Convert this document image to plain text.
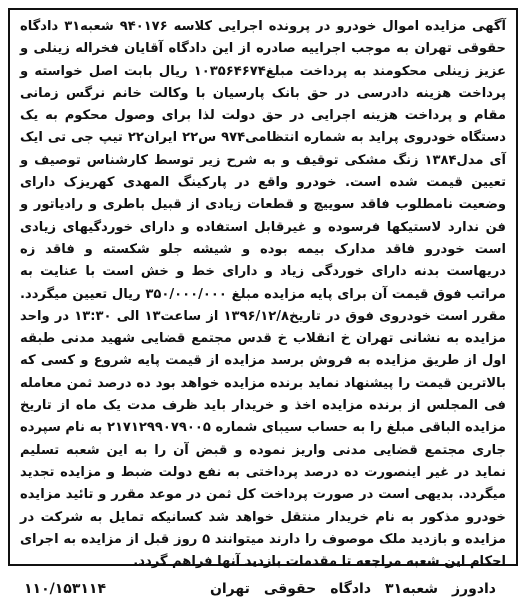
آگهی مزایده اموال خودرو در پرونده اجرایی کلاسه ۹۴۰۱۷۶ شعبه۳۱ دادگاه حقوقی تهران به موجب اجراییه صادره از این دادگاه آقایان فخراله زینلی و عزیز زینلی محکومند به پرداخت مبلغ۱۰۳۵۶۴۶۷۴ ریال بابت اصل خواسته و پرداخت هزینه دادرسی در حق بانک پارسیان با وکالت خانم نرگس زمانی مقام و پرداخت هزینه اجرایی در حق دولت لذا برای وصول محکوم به یک دستگاه خودروی پراید به شماره انتظامی۹۷۴ س۲۲ ایران۲۲ تیپ جی تی ایک آی مدل۱۳۸۴ زنگ مشکی توقیف و به شرح زیر توسط کارشناس توصیف و تعیین قیمت شده است. خودرو واقع در پارکینگ المهدی کهریزک دارای وضعیت نامطلوب فاقد سوییچ و قطعات زیادی از قبیل باطری و رادیاتور و فن ندارد لاستیکها فرسوده و غیرقابل استفاده و دارای خوردگیهای زیادی است خودرو فاقد مدارک بیمه بوده و شیشه جلو شکسته و فاقد زه دریهاست بدنه دارای خوردگی زیاد و دارای خط و خش است با عنایت به مراتب فوق قیمت آن برای پایه مزایده مبلغ ۳۵۰/۰۰۰/۰۰۰ ریال تعیین میگردد. مقرر است خودروی فوق در تاریخ۱۳۹۶/۱۲/۸ از ساعت۱۳ الی ۱۳:۳۰ در واحد مزایده به نشانی تهران خ انقلاب خ قدس مجتمع قضایی شهید مدنی طبقه اول از طریق مزایده به فروش برسد مزایده از قیمت پایه شروع و کسی که بالاترین قیمت را پیشنهاد نماید برنده مزایده خواهد بود ده درصد ثمن معامله فی المجلس از برنده مزایده اخذ و خریدار باید ظرف مدت یک ماه از تاریخ مزایده الباقی مبلغ را به حساب سیبای شماره ۲۱۷۱۲۹۹۰۷۹۰۰۵ به نام سپرده جاری مجتمع قضایی مدنی واریز نموده و قبض آن را به این شعبه تسلیم نماید در غیر اینصورت ده درصد پرداختی به نفع دولت ضبط و مزایده تجدید میگردد. بدیهی است در صورت پرداخت کل ثمن در موعد مقرر و تائید مزایده خودرو مذکور به نام خریدار منتقل خواهد شد کسانیکه تمایل به شرکت در مزایده و بازدید ملک موصوف را دارند میتوانند ۵ روز قبل از مزایده به اجرای احکام این شعبه مراجعه تا مقدمات بازدید آنها فراهم گردد.

دادورز
شعبه۳۱
دادگاه
حقوقی
تهران
۱۱۰/۱۵۳۱۱۴
